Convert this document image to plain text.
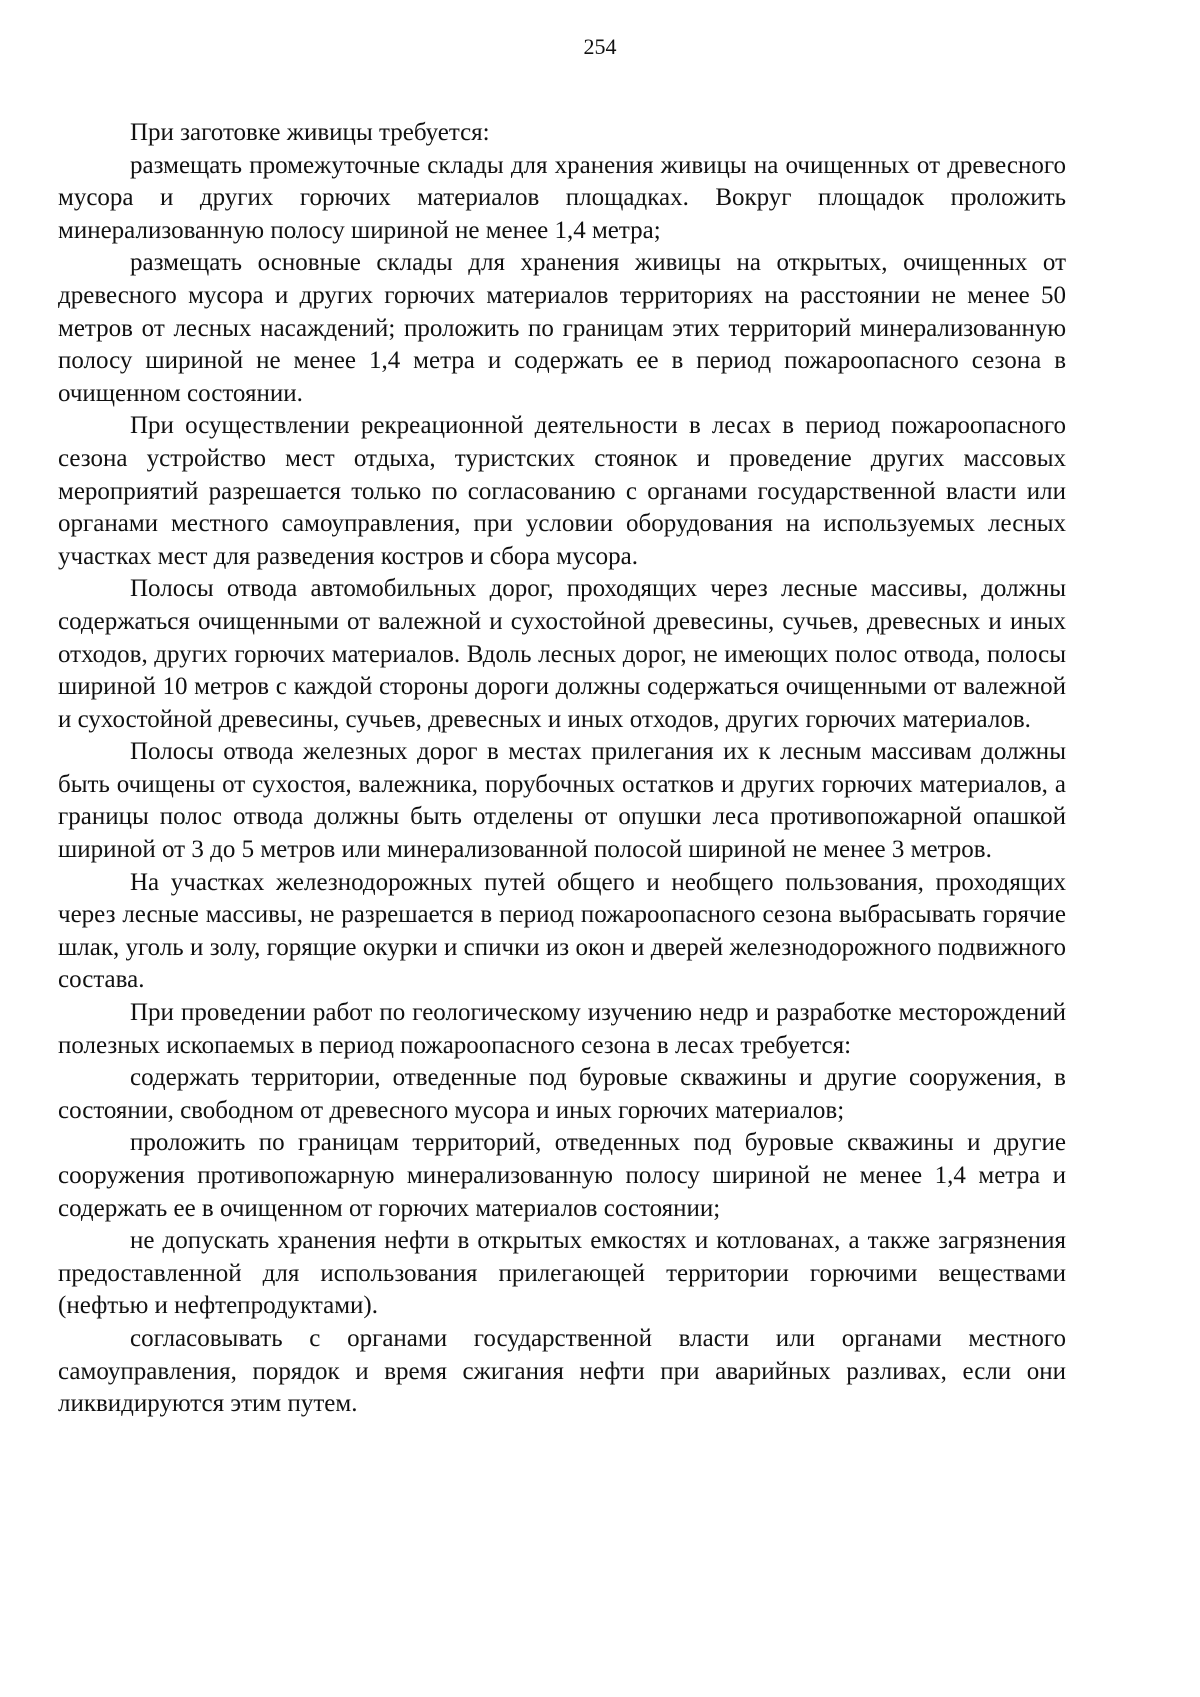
254

При заготовке живицы требуется:

размещать промежуточные склады для хранения живицы на очищенных от древесного мусора и других горючих материалов площадках. Вокруг площадок проложить минерализованную полосу шириной не менее 1,4 метра;

размещать основные склады для хранения живицы на открытых, очищенных от древесного мусора и других горючих материалов территориях на расстоянии не менее 50 метров от лесных насаждений; проложить по границам этих территорий минерализованную полосу шириной не менее 1,4 метра и содержать ее в период пожароопасного сезона в очищенном состоянии.

При осуществлении рекреационной деятельности в лесах в период пожароопасного сезона устройство мест отдыха, туристских стоянок и проведение других массовых мероприятий разрешается только по согласованию с органами государственной власти или органами местного самоуправления, при условии оборудования на используемых лесных участках мест для разведения костров и сбора мусора.

Полосы отвода автомобильных дорог, проходящих через лесные массивы, должны содержаться очищенными от валежной и сухостойной древесины, сучьев, древесных и иных отходов, других горючих материалов. Вдоль лесных дорог, не имеющих полос отвода, полосы шириной 10 метров с каждой стороны дороги должны содержаться очищенными от валежной и сухостойной древесины, сучьев, древесных и иных отходов, других горючих материалов.

Полосы отвода железных дорог в местах прилегания их к лесным массивам должны быть очищены от сухостоя, валежника, порубочных остатков и других горючих материалов, а границы полос отвода должны быть отделены от опушки леса противопожарной опашкой шириной от 3 до 5 метров или минерализованной полосой шириной не менее 3 метров.

На участках железнодорожных путей общего и необщего пользования, проходящих через лесные массивы, не разрешается в период пожароопасного сезона выбрасывать горячие шлак, уголь и золу, горящие окурки и спички из окон и дверей железнодорожного подвижного состава.

При проведении работ по геологическому изучению недр и разработке месторождений полезных ископаемых в период пожароопасного сезона в лесах требуется:

содержать территории, отведенные под буровые скважины и другие сооружения, в состоянии, свободном от древесного мусора и иных горючих материалов;

проложить по границам территорий, отведенных под буровые скважины и другие сооружения противопожарную минерализованную полосу шириной не менее 1,4 метра и содержать ее в очищенном от горючих материалов состоянии;

не допускать хранения нефти в открытых емкостях и котлованах, а также загрязнения предоставленной для использования прилегающей территории горючими веществами (нефтью и нефтепродуктами).

согласовывать с органами государственной власти или органами местного самоуправления, порядок и время сжигания нефти при аварийных разливах, если они ликвидируются этим путем.
